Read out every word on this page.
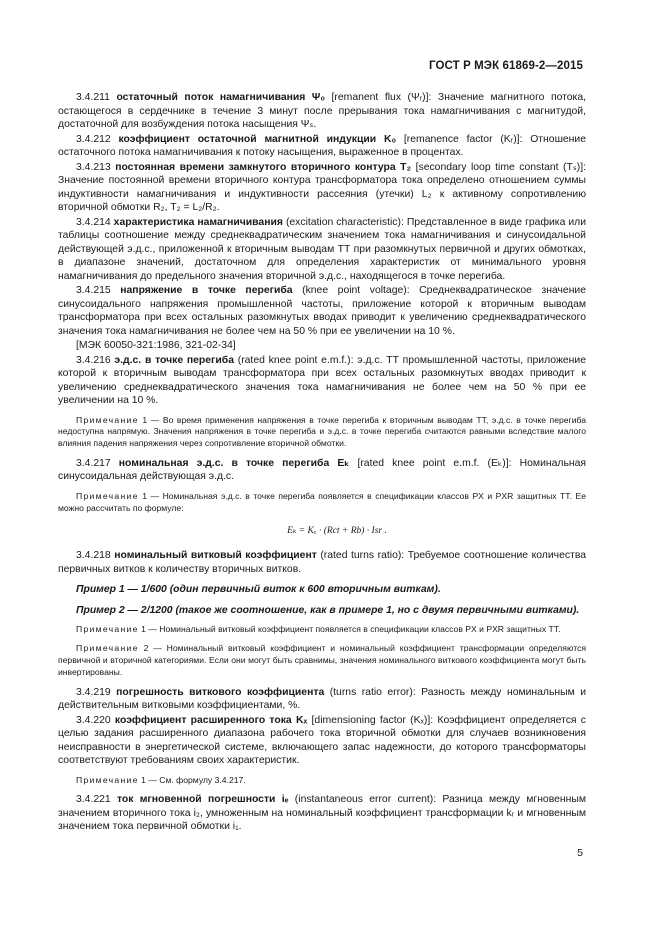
ГОСТ Р МЭК 61869-2—2015

3.4.211 остаточный поток намагничивания Ψ₀ [remanent flux (Ψᵣ)]: Значение магнитного потока, остающегося в сердечнике в течение 3 минут после прерывания тока намагничивания с магнитудой, достаточной для возбуждения потока насыщения Ψₛ.

3.4.212 коэффициент остаточной магнитной индукции K₀ [remanence factor (Kᵣ)]: Отношение остаточного потока намагничивания к потоку насыщения, выраженное в процентах.

3.4.213 постоянная времени замкнутого вторичного контура T₂ [secondary loop time constant (Tₛ)]: Значение постоянной времени вторичного контура трансформатора тока определено отношением суммы индуктивности намагничивания и индуктивности рассеяния (утечки) L₂ к активному сопротивлению вторичной обмотки R₂, T₂ = L₂/R₂.

3.4.214 характеристика намагничивания (excitation characteristic): Представленное в виде графика или таблицы соотношение между среднеквадратическим значением тока намагничивания и синусоидальной действующей э.д.с., приложенной к вторичным выводам ТТ при разомкнутых первичной и других обмотках, в диапазоне значений, достаточном для определения характеристик от минимального уровня намагничивания до предельного значения вторичной э.д.с., находящегося в точке перегиба.

3.4.215 напряжение в точке перегиба (knee point voltage): Среднеквадратическое значение синусоидального напряжения промышленной частоты, приложение которой к вторичным выводам трансформатора при всех остальных разомкнутых вводах приводит к увеличению среднеквадратического значения тока намагничивания не более чем на 50 % при ее увеличении на 10 %.

[МЭК 60050-321:1986, 321-02-34]

3.4.216 э.д.с. в точке перегиба (rated knee point e.m.f.): э.д.с. ТТ промышленной частоты, приложение которой к вторичным выводам трансформатора при всех остальных разомкнутых вводах приводит к увеличению среднеквадратического значения тока намагничивания не более чем на 50 % при ее увеличении на 10 %.

Примечание 1 — Во время применения напряжения в точке перегиба к вторичным выводам ТТ, э.д.с. в точке перегиба недоступна напрямую. Значения напряжения в точке перегиба и э.д.с. в точке перегиба считаются равными вследствие малого влияния падения напряжения через сопротивление вторичной обмотки.

3.4.217 номинальная э.д.с. в точке перегиба Eₖ [rated knee point e.m.f. (Eₖ)]: Номинальная синусоидальная действующая э.д.с.

Примечание 1 — Номинальная э.д.с. в точке перегиба появляется в спецификации классов PX и PXR защитных ТТ. Ее можно рассчитать по формуле:

Eₖ = Kₓ · (Rct + Rb) · Isr .

3.4.218 номинальный витковый коэффициент (rated turns ratio): Требуемое соотношение количества первичных витков к количеству вторичных витков.

Пример 1 — 1/600 (один первичный виток к 600 вторичным виткам).

Пример 2 — 2/1200 (такое же соотношение, как в примере 1, но с двумя первичными витками).

Примечание 1 — Номинальный витковый коэффициент появляется в спецификации классов PX и PXR защитных ТТ.

Примечание 2 — Номинальный витковый коэффициент и номинальный коэффициент трансформации определяются первичной и вторичной категориями. Если они могут быть сравнимы, значения номинального виткового коэффициента могут быть инвертированы.

3.4.219 погрешность виткового коэффициента (turns ratio error): Разность между номинальным и действительным витковыми коэффициентами, %.

3.4.220 коэффициент расширенного тока Kₓ [dimensioning factor (Kₓ)]: Коэффициент определяется с целью задания расширенного диапазона рабочего тока вторичной обмотки для случаев возникновения неисправности в энергетической системе, включающего запас надежности, до которого трансформаторы соответствуют требованиям своих характеристик.

Примечание 1 — См. формулу 3.4.217.

3.4.221 ток мгновенной погрешности iₑ (instantaneous error current): Разница между мгновенным значением вторичного тока i₂, умноженным на номинальный коэффициент трансформации kᵣ и мгновенным значением тока первичной обмотки i₁.

5
